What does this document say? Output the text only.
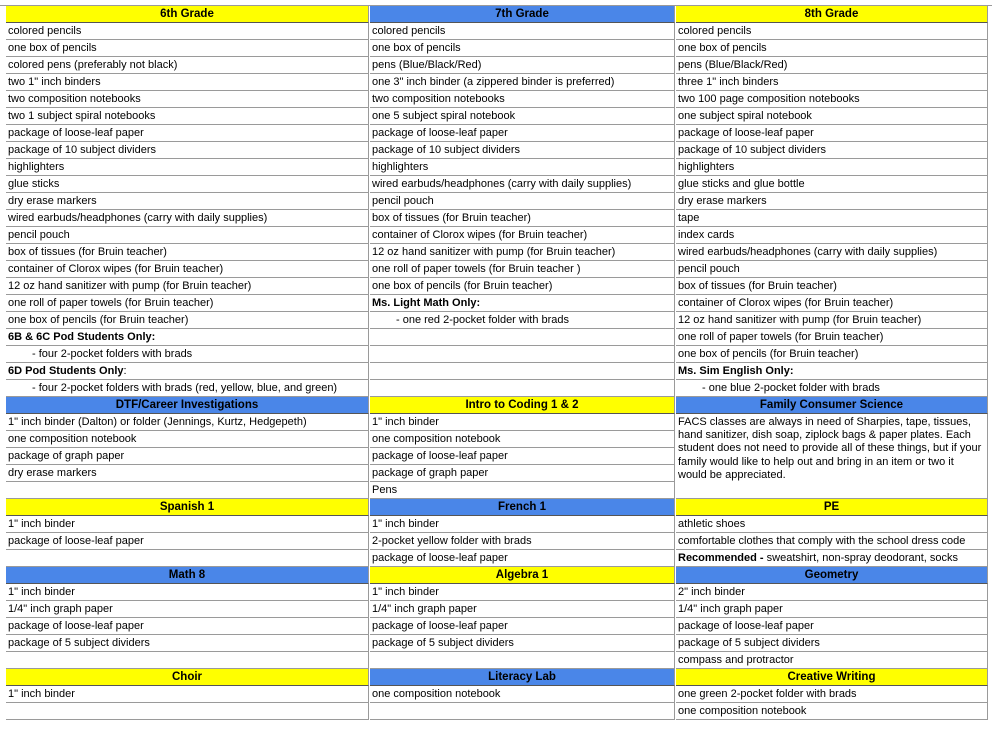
6th Grade
colored pencils
one box of pencils
colored pens (preferably not black)
two 1" inch binders
two composition notebooks
two 1 subject spiral notebooks
package of loose-leaf paper
package of 10 subject dividers
highlighters
glue sticks
dry erase markers
wired earbuds/headphones (carry with daily supplies)
pencil pouch
box of tissues (for Bruin teacher)
container of Clorox wipes (for Bruin teacher)
12 oz hand sanitizer with pump (for Bruin teacher)
one roll of paper towels (for Bruin teacher)
one box of pencils (for Bruin teacher)
6B & 6C Pod Students Only:
- four 2-pocket folders with brads
6D Pod Students Only:
- four 2-pocket folders with brads (red, yellow, blue, and green)
DTF/Career Investigations
1" inch binder (Dalton) or folder (Jennings, Kurtz, Hedgepeth)
one composition notebook
package of graph paper
dry erase markers
Spanish 1
1" inch binder
package of loose-leaf paper
Math 8
1" inch binder
1/4" inch graph paper
package of loose-leaf paper
package of 5 subject dividers
Choir
1" inch binder
7th Grade
colored pencils
one box of pencils
pens (Blue/Black/Red)
one 3" inch binder (a zippered binder is preferred)
two composition notebooks
one 5 subject spiral notebook
package of loose-leaf paper
package of 10 subject dividers
highlighters
wired earbuds/headphones (carry with daily supplies)
pencil pouch
box of tissues (for Bruin teacher)
container of Clorox wipes (for Bruin teacher)
12 oz hand sanitizer with pump (for Bruin teacher)
one roll of paper towels (for Bruin teacher )
one box of pencils (for Bruin teacher)
Ms. Light Math Only:
- one red 2-pocket folder with brads
Intro to Coding 1 & 2
1" inch binder
one composition notebook
package of loose-leaf paper
package of graph paper
Pens
French 1
1" inch binder
2-pocket yellow folder with brads
package of loose-leaf paper
Algebra 1
1" inch binder
1/4" inch graph paper
package of loose-leaf paper
package of 5 subject dividers
Literacy Lab
one composition notebook
8th Grade
colored pencils
one box of pencils
pens (Blue/Black/Red)
three 1" inch binders
two 100 page composition notebooks
one subject spiral notebook
package of loose-leaf paper
package of 10 subject dividers
highlighters
glue sticks and glue bottle
dry erase markers
tape
index cards
wired earbuds/headphones (carry with daily supplies)
pencil pouch
box of tissues (for Bruin teacher)
container of Clorox wipes (for Bruin teacher)
12 oz hand sanitizer with pump (for Bruin teacher)
one roll of paper towels (for Bruin teacher)
one box of pencils (for Bruin teacher)
Ms. Sim English Only:
- one blue 2-pocket folder with brads
Family Consumer Science
FACS classes are always in need of Sharpies, tape, tissues, hand sanitizer, dish soap, ziplock bags & paper plates. Each student does not need to provide all of these things, but if your family would like to help out and bring in an item or two it would be appreciated.
PE
athletic shoes
comfortable clothes that comply with the school dress code
Recommended - sweatshirt, non-spray deodorant, socks
Geometry
2" inch binder
1/4" inch graph paper
package of loose-leaf paper
package of 5 subject dividers
compass and protractor
Creative Writing
one green 2-pocket folder with brads
one composition notebook
